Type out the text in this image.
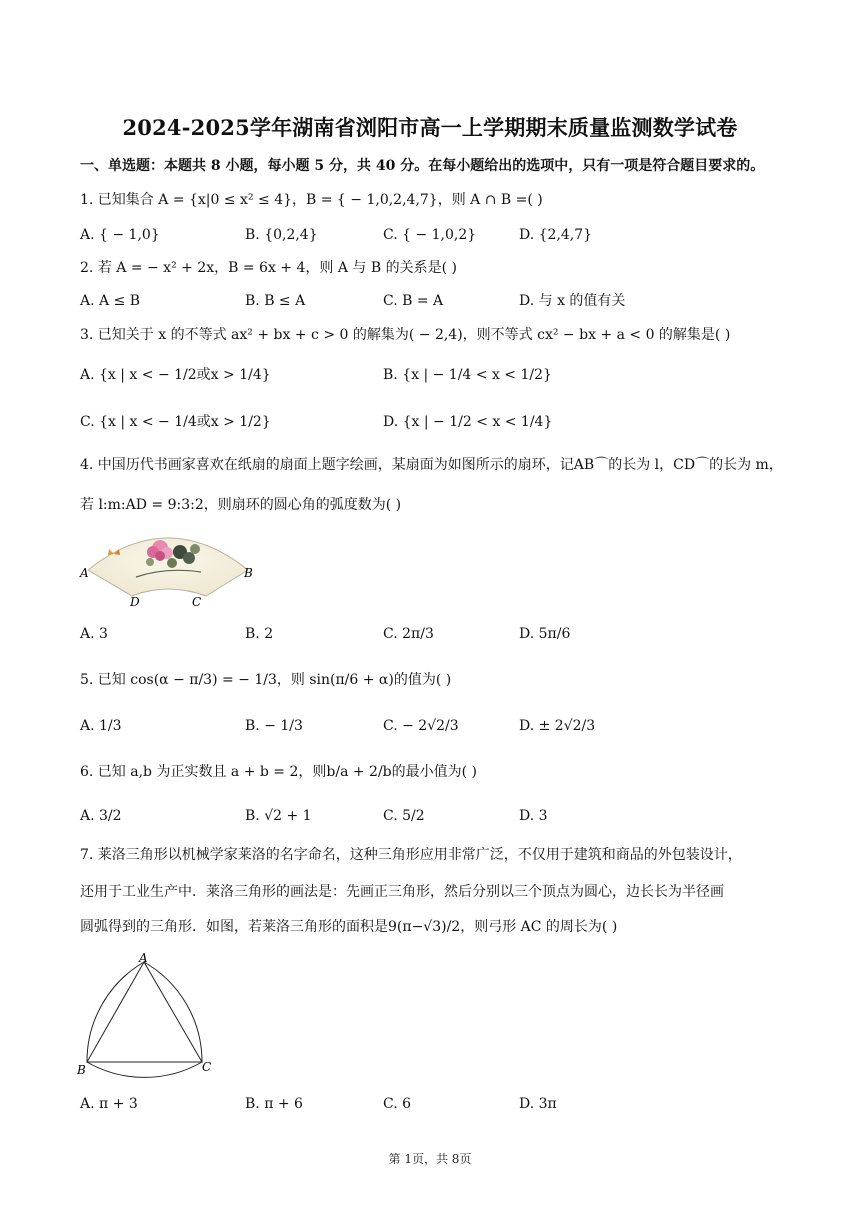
2024-2025学年湖南省浏阳市高一上学期期末质量监测数学试卷
一、单选题：本题共 8 小题，每小题 5 分，共 40 分。在每小题给出的选项中，只有一项是符合题目要求的。
1. 已知集合 A = {x|0 ≤ x² ≤ 4}，B = { − 1,0,2,4,7}，则 A ∩ B =( )
A. { − 1,0}	B. {0,2,4}	C. { − 1,0,2}	D. {2,4,7}
2. 若 A = − x² + 2x，B = 6x + 4，则 A 与 B 的关系是( )
A. A ≤ B	B. B ≤ A	C. B = A	D. 与 x 的值有关
3. 已知关于 x 的不等式 ax² + bx + c > 0 的解集为( − 2,4)，则不等式 cx² − bx + a < 0 的解集是( )
A. {x | x < − 1/2或x > 1/4}	B. {x | − 1/4 < x < 1/2}
C. {x | x < − 1/4或x > 1/2}	D. {x | − 1/2 < x < 1/4}
4. 中国历代书画家喜欢在纸扇的扇面上题字绘画，某扇面为如图所示的扇环，记AB⌒的长为 l，CD⌒的长为 m，
若 l:m:AD = 9:3:2，则扇环的圆心角的弧度数为( )
A	B
C
D
A. 3	B. 2	C. 2π/3	D. 5π/6
5. 已知 cos(α − π/3) = − 1/3，则 sin(π/6 + α)的值为( )
A. 1/3	B. − 1/3	C. − 2√2/3	D. ± 2√2/3
6. 已知 a,b 为正实数且 a + b = 2，则b/a + 2/b的最小值为( )
A. 3/2	B. √2 + 1	C. 5/2	D. 3
7. 莱洛三角形以机械学家莱洛的名字命名，这种三角形应用非常广泛，不仅用于建筑和商品的外包装设计，
还用于工业生产中．莱洛三角形的画法是：先画正三角形，然后分别以三个顶点为圆心，边长长为半径画
圆弧得到的三角形．如图，若莱洛三角形的面积是9(π−√3)/2，则弓形 AC 的周长为( )
A
B	C
A. π + 3	B. π + 6	C. 6	D. 3π
第 1页，共 8页
